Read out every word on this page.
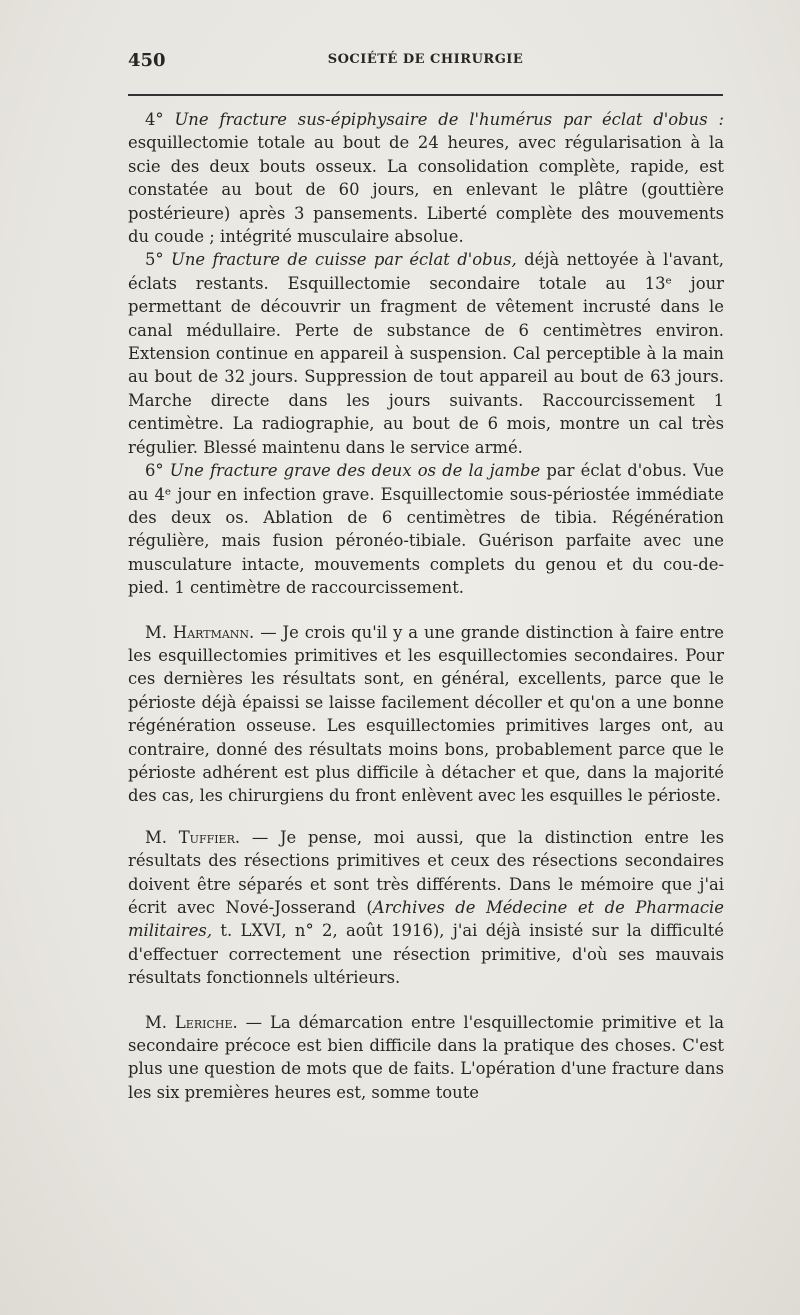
450	SOCIÉTÉ DE CHIRURGIE

4° Une fracture sus-épiphysaire de l'humérus par éclat d'obus : esquillectomie totale au bout de 24 heures, avec régularisation à la scie des deux bouts osseux. La consolidation complète, rapide, est constatée au bout de 60 jours, en enlevant le plâtre (gouttière postérieure) après 3 pansements. Liberté complète des mouvements du coude ; intégrité musculaire absolue.

5° Une fracture de cuisse par éclat d'obus, déjà nettoyée à l'avant, éclats restants. Esquillectomie secondaire totale au 13ᵉ jour permettant de découvrir un fragment de vêtement incrusté dans le canal médullaire. Perte de substance de 6 centimètres environ. Extension continue en appareil à suspension. Cal perceptible à la main au bout de 32 jours. Suppression de tout appareil au bout de 63 jours. Marche directe dans les jours suivants. Raccourcissement 1 centimètre. La radiographie, au bout de 6 mois, montre un cal très régulier. Blessé maintenu dans le service armé.

6° Une fracture grave des deux os de la jambe par éclat d'obus. Vue au 4ᵉ jour en infection grave. Esquillectomie sous-périostée immédiate des deux os. Ablation de 6 centimètres de tibia. Régénération régulière, mais fusion péronéo-tibiale. Guérison parfaite avec une musculature intacte, mouvements complets du genou et du cou-de-pied. 1 centimètre de raccourcissement.

M. Hartmann. — Je crois qu'il y a une grande distinction à faire entre les esquillectomies primitives et les esquillectomies secondaires. Pour ces dernières les résultats sont, en général, excellents, parce que le périoste déjà épaissi se laisse facilement décoller et qu'on a une bonne régénération osseuse. Les esquillectomies primitives larges ont, au contraire, donné des résultats moins bons, probablement parce que le périoste adhérent est plus difficile à détacher et que, dans la majorité des cas, les chirurgiens du front enlèvent avec les esquilles le périoste.

M. Tuffier. — Je pense, moi aussi, que la distinction entre les résultats des résections primitives et ceux des résections secondaires doivent être séparés et sont très différents. Dans le mémoire que j'ai écrit avec Nové-Josserand (Archives de Médecine et de Pharmacie militaires, t. LXVI, n° 2, août 1916), j'ai déjà insisté sur la difficulté d'effectuer correctement une résection primitive, d'où ses mauvais résultats fonctionnels ultérieurs.

M. Leriche. — La démarcation entre l'esquillectomie primitive et la secondaire précoce est bien difficile dans la pratique des choses. C'est plus une question de mots que de faits. L'opération d'une fracture dans les six premières heures est, somme toute
